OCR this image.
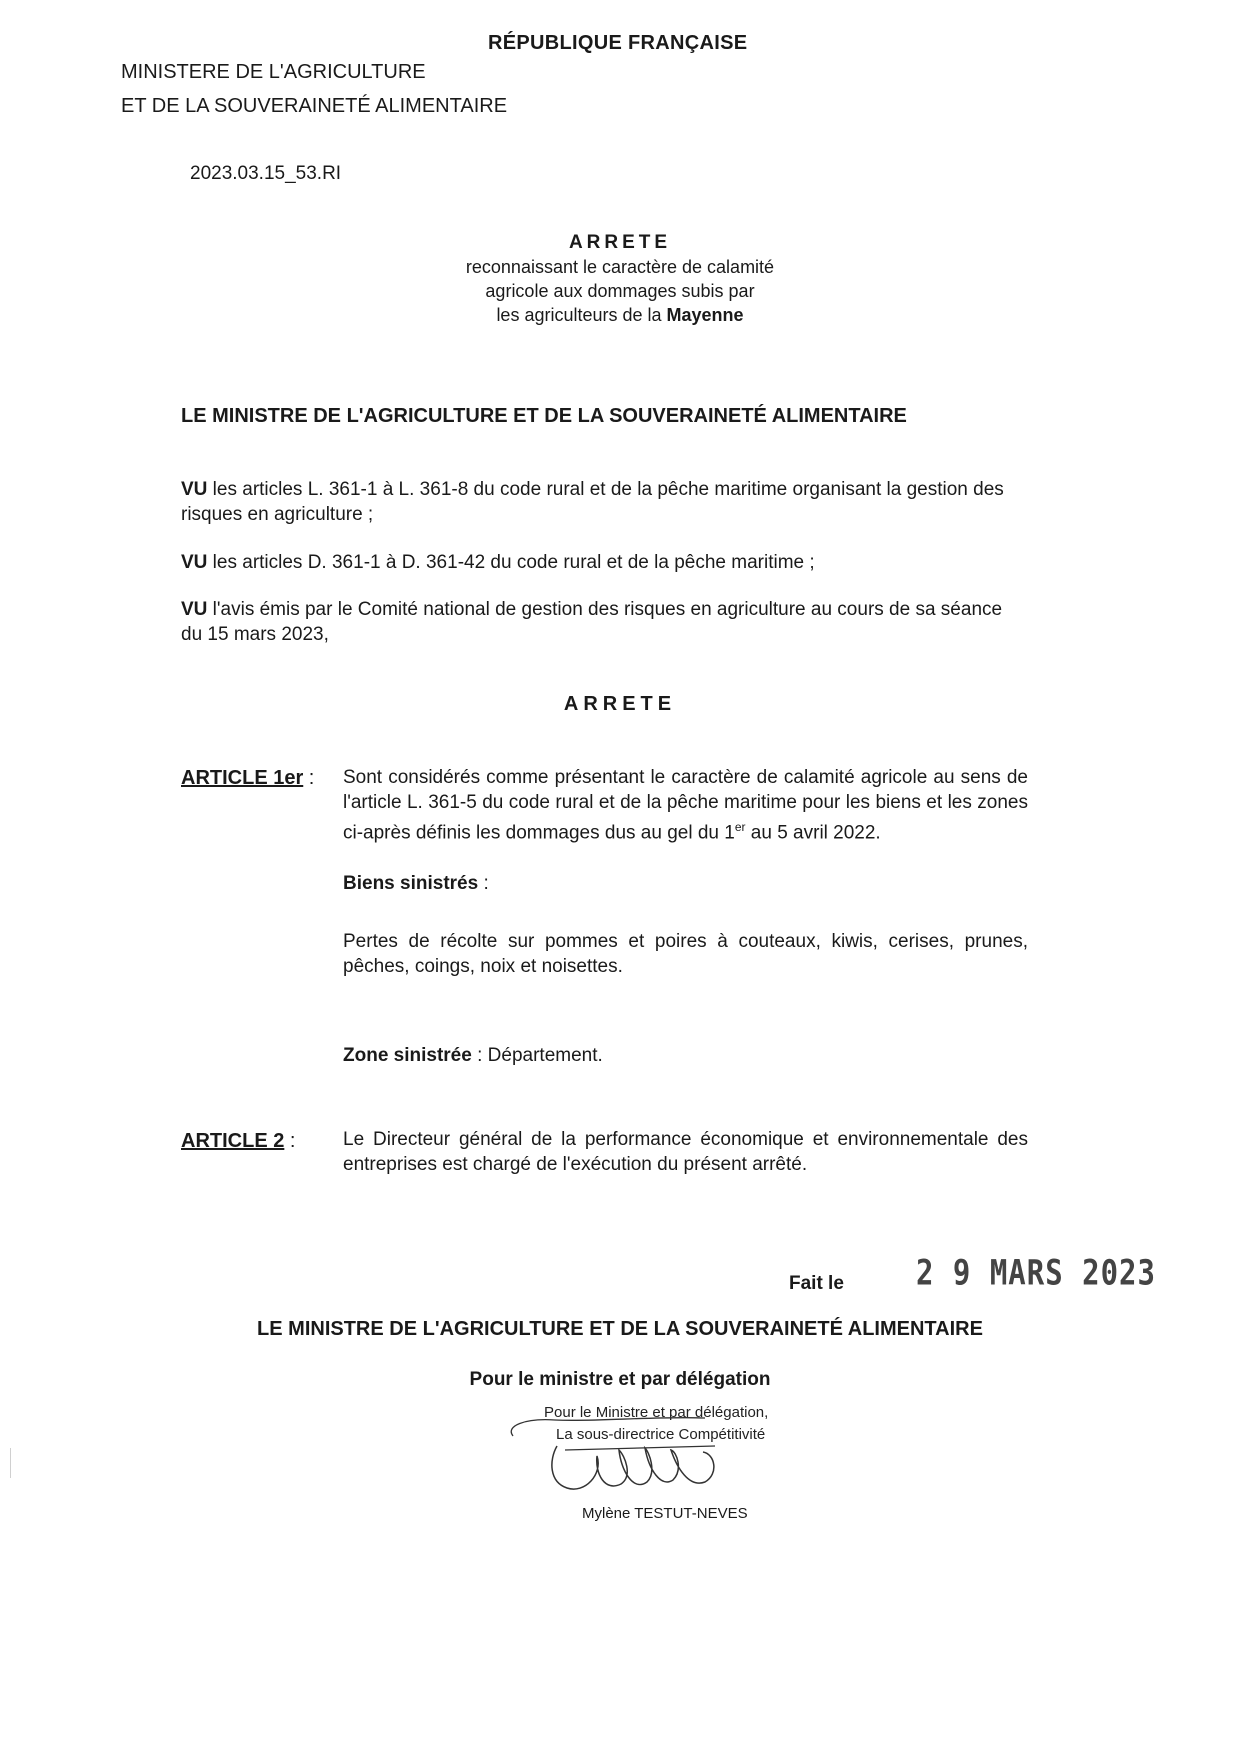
RÉPUBLIQUE FRANÇAISE
MINISTERE DE L'AGRICULTURE
ET DE LA SOUVERAINETÉ ALIMENTAIRE
2023.03.15_53.RI
ARRETE
reconnaissant le caractère de calamité
agricole aux dommages subis par
les agriculteurs de la Mayenne
LE MINISTRE DE L'AGRICULTURE ET DE LA SOUVERAINETÉ ALIMENTAIRE
VU les articles L. 361-1 à L. 361-8 du code rural et de la pêche maritime organisant la gestion des risques en agriculture ;
VU les articles D. 361-1 à D. 361-42 du code rural et de la pêche maritime ;
VU l'avis émis par le Comité national de gestion des risques en agriculture au cours de sa séance du 15 mars 2023,
ARRETE
ARTICLE 1er : Sont considérés comme présentant le caractère de calamité agricole au sens de l'article L. 361-5 du code rural et de la pêche maritime pour les biens et les zones ci-après définis les dommages dus au gel du 1er au 5 avril 2022.
Biens sinistrés :
Pertes de récolte sur pommes et poires à couteaux, kiwis, cerises, prunes, pêches, coings, noix et noisettes.
Zone sinistrée : Département.
ARTICLE 2 :	Le Directeur général de la performance économique et environnementale des entreprises est chargé de l'exécution du présent arrêté.
Fait le 2 9 MARS 2023
LE MINISTRE DE L'AGRICULTURE ET DE LA SOUVERAINETÉ ALIMENTAIRE
Pour le ministre et par délégation
Pour le Ministre et par délégation,
La sous-directrice Compétitivité
Mylène TESTUT-NEVES
